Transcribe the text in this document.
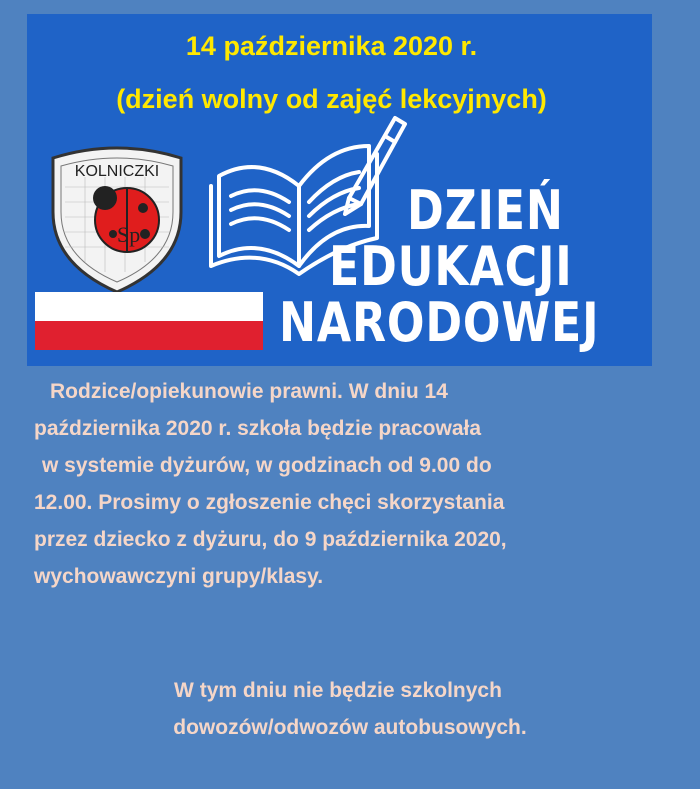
14 października 2020 r.
(dzień wolny od zajęć lekcyjnych)
KOLNICZKI
Sp	DZIEŃ
EDUKACJI
NARODOWEJ
Rodzice/opiekunowie prawni. W dniu 14
października 2020 r. szkoła będzie pracowała
w systemie dyżurów, w godzinach od 9.00 do
12.00. Prosimy o zgłoszenie chęci skorzystania
przez dziecko z dyżuru, do 9 października 2020,
wychowawczyni grupy/klasy.
W tym dniu nie będzie szkolnych
dowozów/odwozów autobusowych.
